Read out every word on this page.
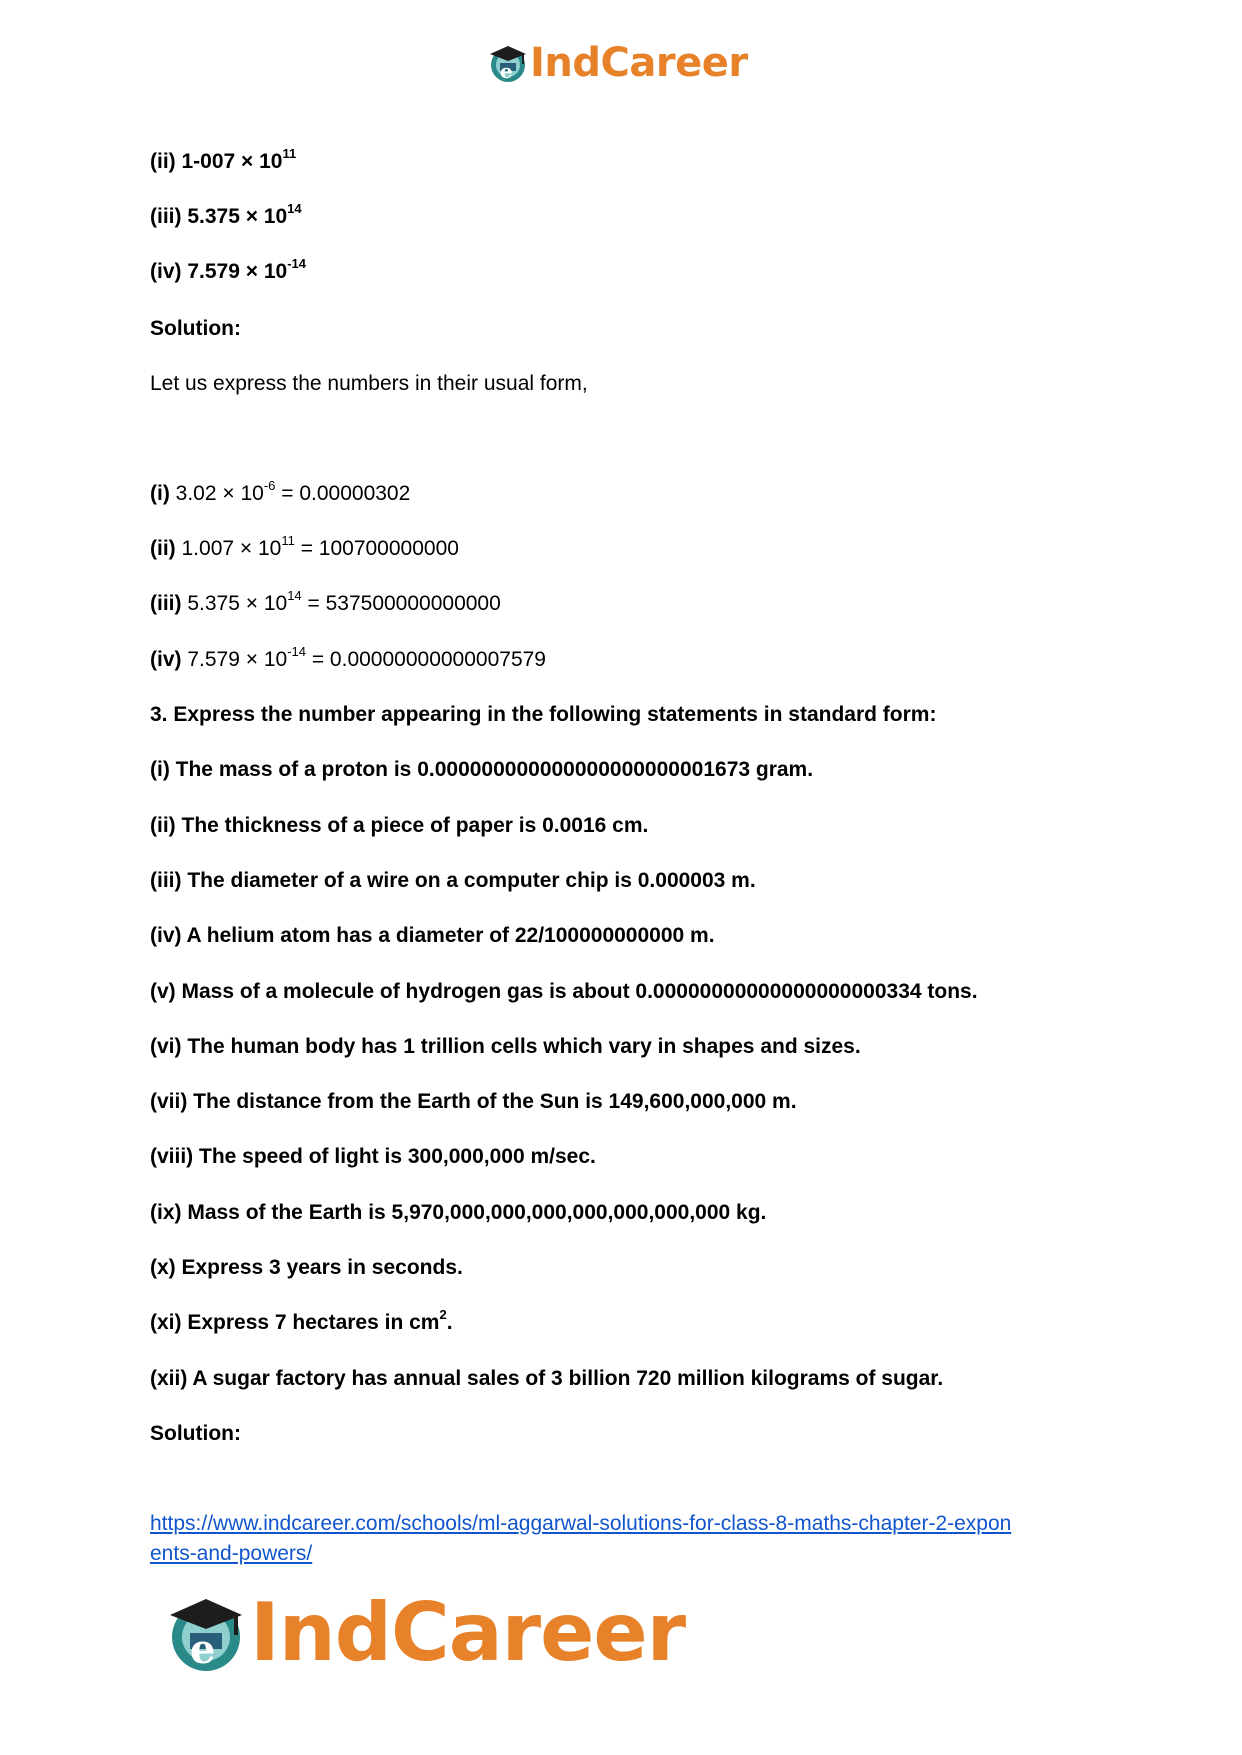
e IndCareer
(ii) $1-007 \times 10^{11}$
(iii) $5.375 \times 10^{14}$
(iv) $7.579 \times 10^{-14}$
Solution:
Let us express the numbers in their usual form,
(i) $3.02 \times 10^{-6} = 0.00000302$
(ii) $1.007 \times 10^{11} = 100700000000$
(iii) $5.375 \times 10^{14} = 537500000000000$
(iv) $7.579 \times 10^{-14} = 0.00000000000007579$
3. Express the number appearing in the following statements in standard form:
(i) The mass of a proton is 0.000000000000000000000001673 gram.
(ii) The thickness of a piece of paper is 0.0016 cm.
(iii) The diameter of a wire on a computer chip is 0.000003 m.
(iv) A helium atom has a diameter of 22/100000000000 m.
(v) Mass of a molecule of hydrogen gas is about 0.00000000000000000000334 tons.
(vi) The human body has 1 trillion cells which vary in shapes and sizes.
(vii) The distance from the Earth of the Sun is 149,600,000,000 m.
(viii) The speed of light is 300,000,000 m/sec.
(ix) Mass of the Earth is 5,970,000,000,000,000,000,000,000 kg.
(x) Express 3 years in seconds.
(xi) Express 7 hectares in $cm^2$.
(xii) A sugar factory has annual sales of 3 billion 720 million kilograms of sugar.
Solution:
https://www.indcareer.com/schools/ml-aggarwal-solutions-for-class-8-maths-chapter-2-expon
ents-and-powers/
e IndCareer
